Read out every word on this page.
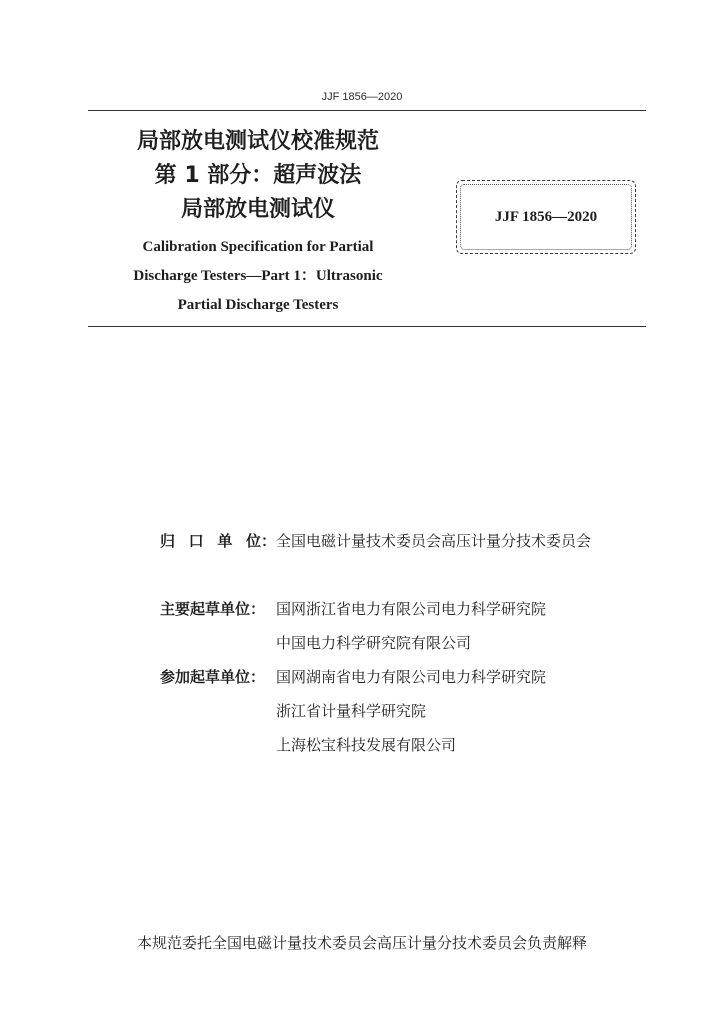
JJF 1856—2020
局部放电测试仪校准规范
第 1 部分：超声波法
局部放电测试仪
Calibration Specification for Partial
Discharge Testers—Part 1：Ultrasonic
Partial Discharge Testers
JJF 1856—2020
归 口 单 位： 全国电磁计量技术委员会高压计量分技术委员会
主要起草单位： 国网浙江省电力有限公司电力科学研究院
中国电力科学研究院有限公司
参加起草单位： 国网湖南省电力有限公司电力科学研究院
浙江省计量科学研究院
上海松宝科技发展有限公司
本规范委托全国电磁计量技术委员会高压计量分技术委员会负责解释
